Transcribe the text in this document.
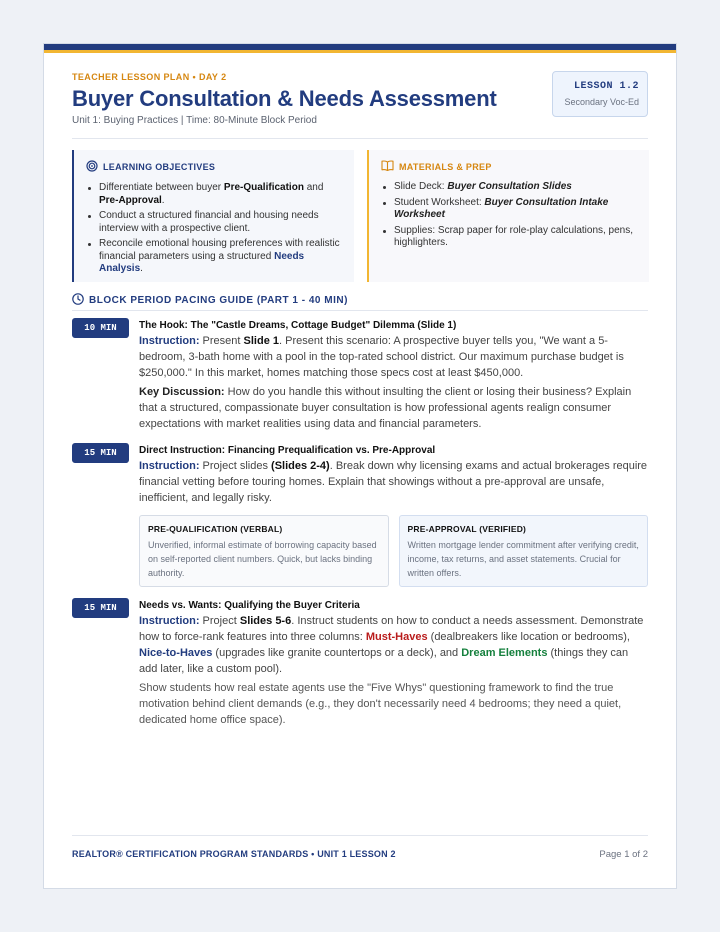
TEACHER LESSON PLAN • DAY 2
Buyer Consultation & Needs Assessment
Unit 1: Buying Practices | Time: 80-Minute Block Period
LESSON 1.2
Secondary Voc-Ed
LEARNING OBJECTIVES
Differentiate between buyer Pre-Qualification and Pre-Approval.
Conduct a structured financial and housing needs interview with a prospective client.
Reconcile emotional housing preferences with realistic financial parameters using a structured Needs Analysis.
MATERIALS & PREP
Slide Deck: Buyer Consultation Slides
Student Worksheet: Buyer Consultation Intake Worksheet
Supplies: Scrap paper for role-play calculations, pens, highlighters.
BLOCK PERIOD PACING GUIDE (PART 1 - 40 MIN)
10 MIN	The Hook: The "Castle Dreams, Cottage Budget" Dilemma (Slide 1)
Instruction: Present Slide 1. Present this scenario: A prospective buyer tells you, "We want a 5-bedroom, 3-bath home with a pool in the top-rated school district. Our maximum purchase budget is $250,000." In this market, homes matching those specs cost at least $450,000.
Key Discussion: How do you handle this without insulting the client or losing their business? Explain that a structured, compassionate buyer consultation is how professional agents realign consumer expectations with market realities using data and financial parameters.
15 MIN	Direct Instruction: Financing Prequalification vs. Pre-Approval
Instruction: Project slides (Slides 2-4). Break down why licensing exams and actual brokerages require financial vetting before touring homes. Explain that showings without a pre-approval are unsafe, inefficient, and legally risky.
PRE-QUALIFICATION (VERBAL)
Unverified, informal estimate of borrowing capacity based on self-reported client numbers. Quick, but lacks binding authority.
PRE-APPROVAL (VERIFIED)
Written mortgage lender commitment after verifying credit, income, tax returns, and asset statements. Crucial for written offers.
15 MIN	Needs vs. Wants: Qualifying the Buyer Criteria
Instruction: Project Slides 5-6. Instruct students on how to conduct a needs assessment. Demonstrate how to force-rank features into three columns: Must-Haves (dealbreakers like location or bedrooms), Nice-to-Haves (upgrades like granite countertops or a deck), and Dream Elements (things they can add later, like a custom pool).
Show students how real estate agents use the "Five Whys" questioning framework to find the true motivation behind client demands (e.g., they don't necessarily need 4 bedrooms; they need a quiet, dedicated home office space).
REALTOR® CERTIFICATION PROGRAM STANDARDS • UNIT 1 LESSON 2	Page 1 of 2
